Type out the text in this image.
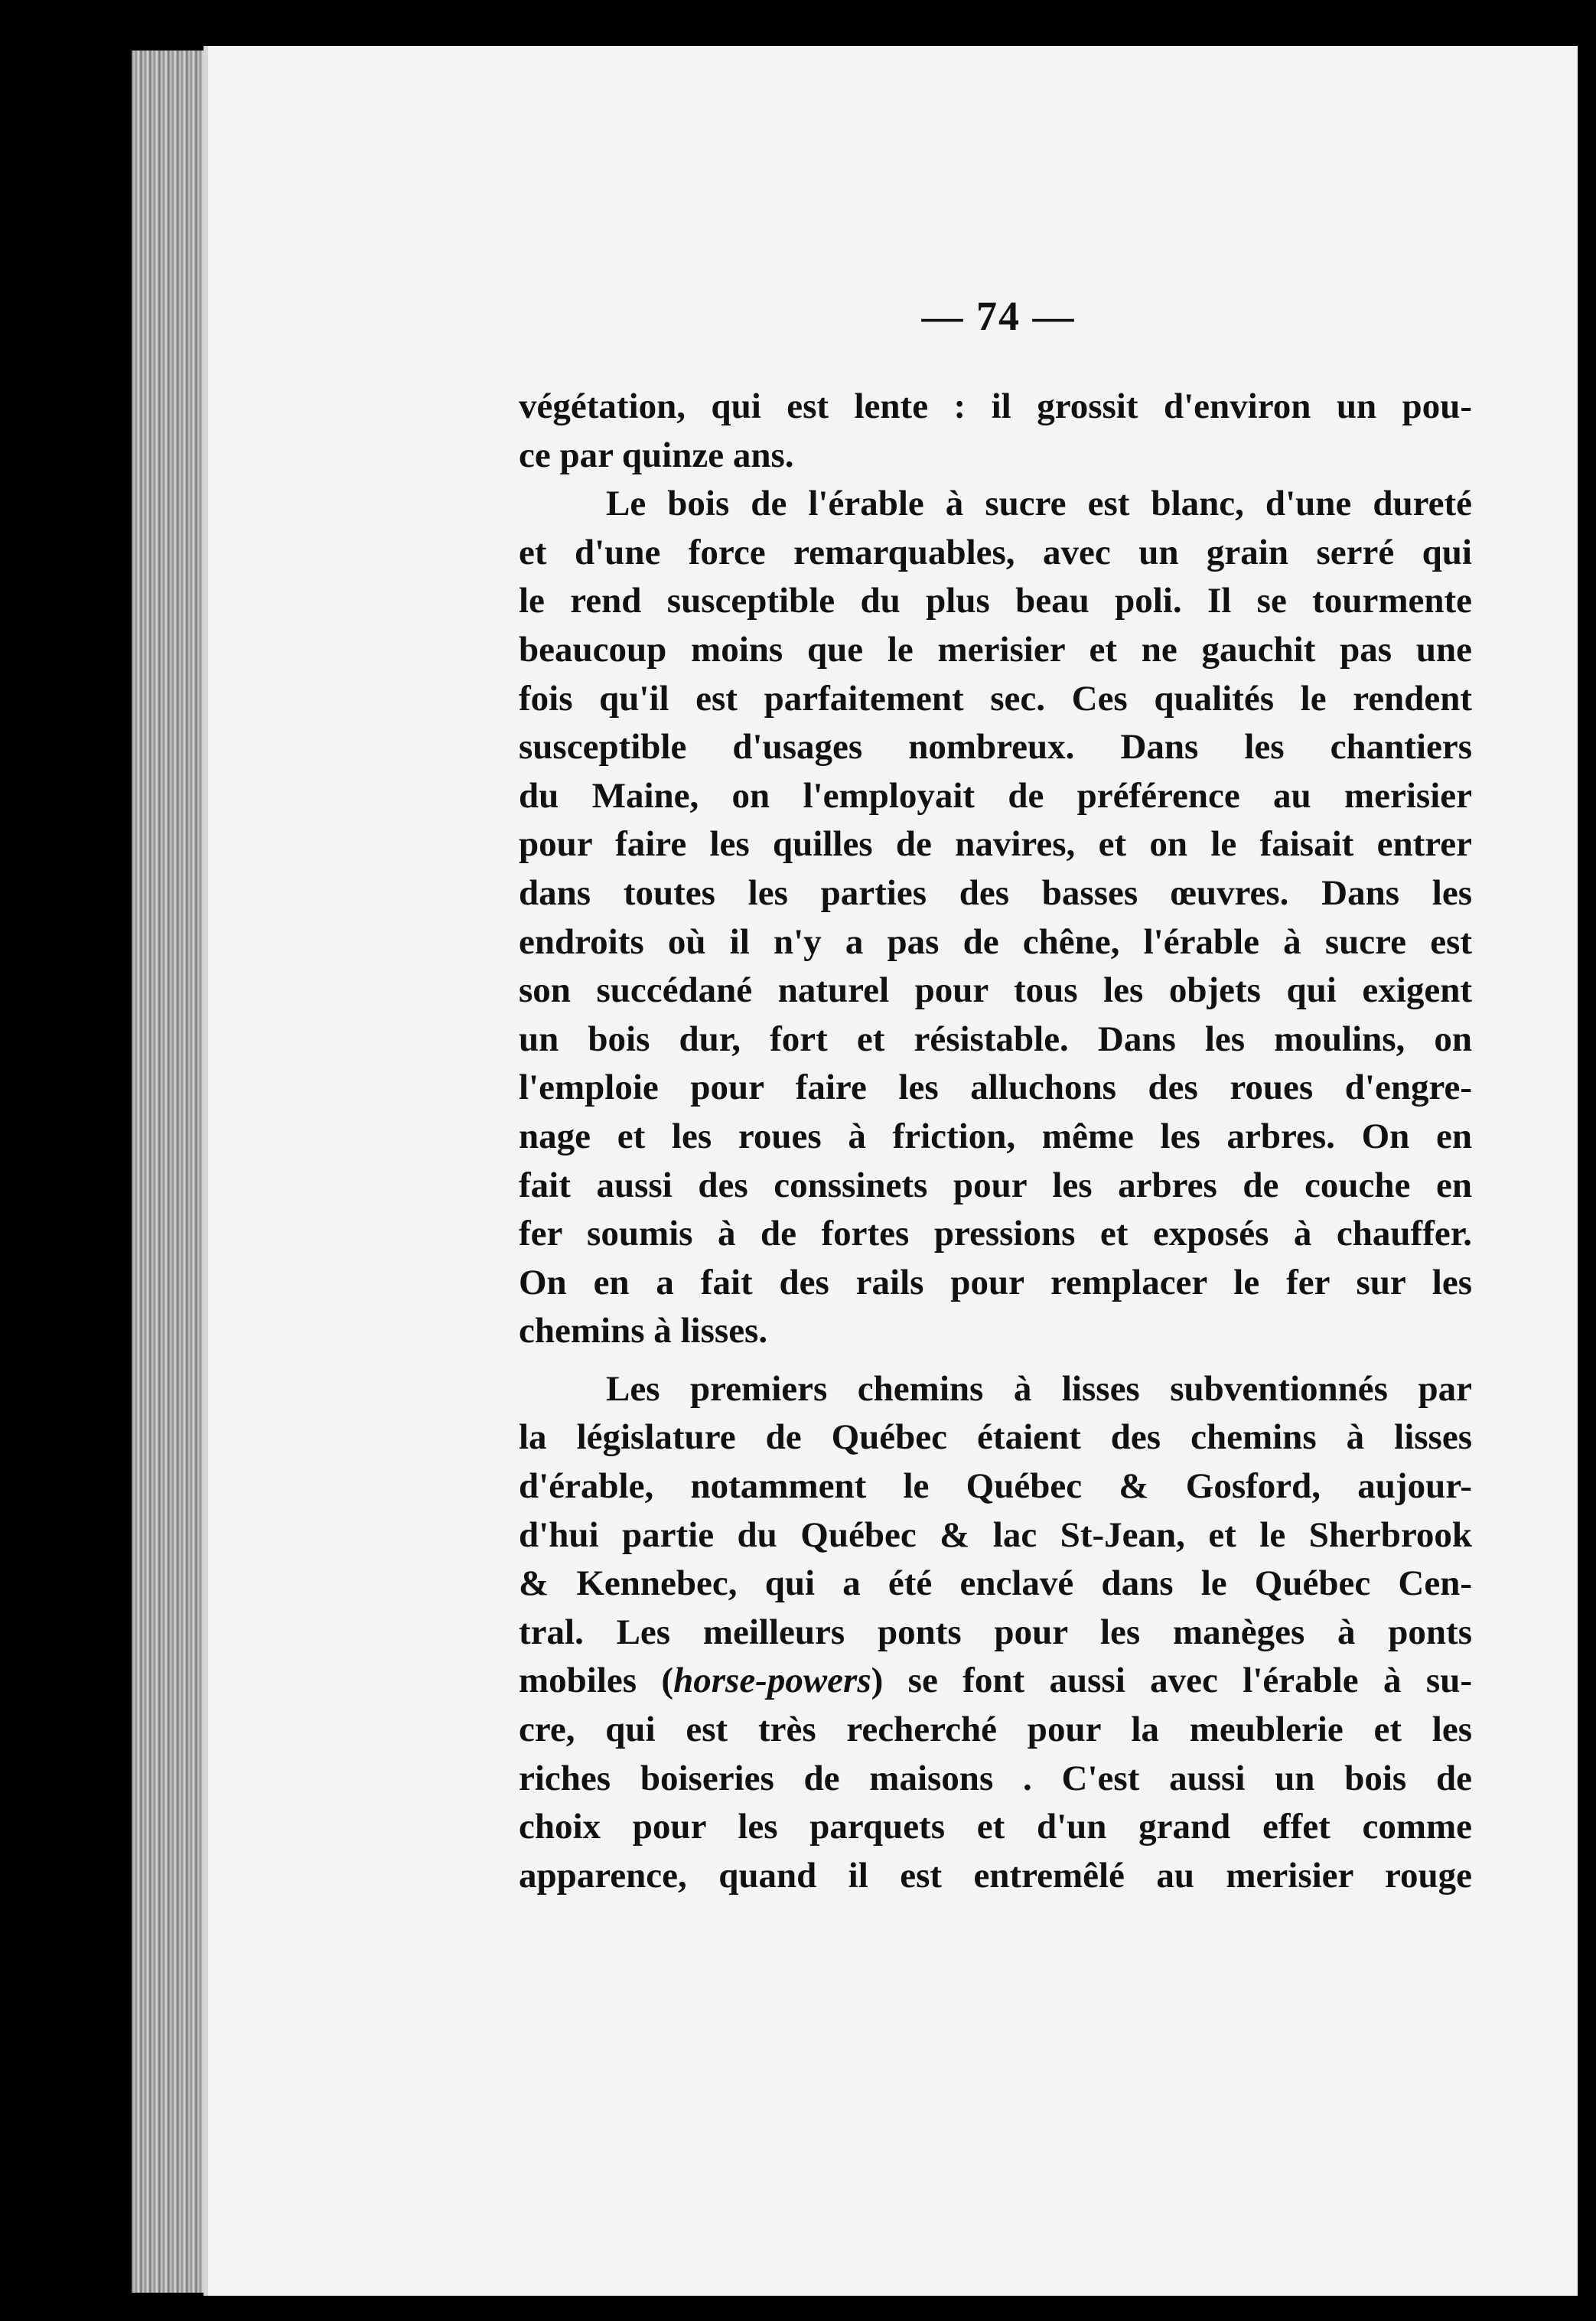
— 74 —
végétation, qui est lente : il grossit d'environ un pou-
ce par quinze ans.
Le bois de l'érable à sucre est blanc, d'une dureté
et d'une force remarquables, avec un grain serré qui
le rend susceptible du plus beau poli. Il se tourmente
beaucoup moins que le merisier et ne gauchit pas une
fois qu'il est parfaitement sec. Ces qualités le rendent
susceptible d'usages nombreux. Dans les chantiers
du Maine, on l'employait de préférence au merisier
pour faire les quilles de navires, et on le faisait entrer
dans toutes les parties des basses œuvres. Dans les
endroits où il n'y a pas de chêne, l'érable à sucre est
son succédané naturel pour tous les objets qui exigent
un bois dur, fort et résistable. Dans les moulins, on
l'emploie pour faire les alluchons des roues d'engre-
nage et les roues à friction, même les arbres. On en
fait aussi des conssinets pour les arbres de couche en
fer soumis à de fortes pressions et exposés à chauffer.
On en a fait des rails pour remplacer le fer sur les
chemins à lisses.
Les premiers chemins à lisses subventionnés par
la législature de Québec étaient des chemins à lisses
d'érable, notamment le Québec & Gosford, aujour-
d'hui partie du Québec & lac St-Jean, et le Sherbrook
& Kennebec, qui a été enclavé dans le Québec Cen-
tral. Les meilleurs ponts pour les manèges à ponts
mobiles (horse-powers) se font aussi avec l'érable à su-
cre, qui est très recherché pour la meublerie et les
riches boiseries de maisons . C'est aussi un bois de
choix pour les parquets et d'un grand effet comme
apparence, quand il est entremêlé au merisier rouge
